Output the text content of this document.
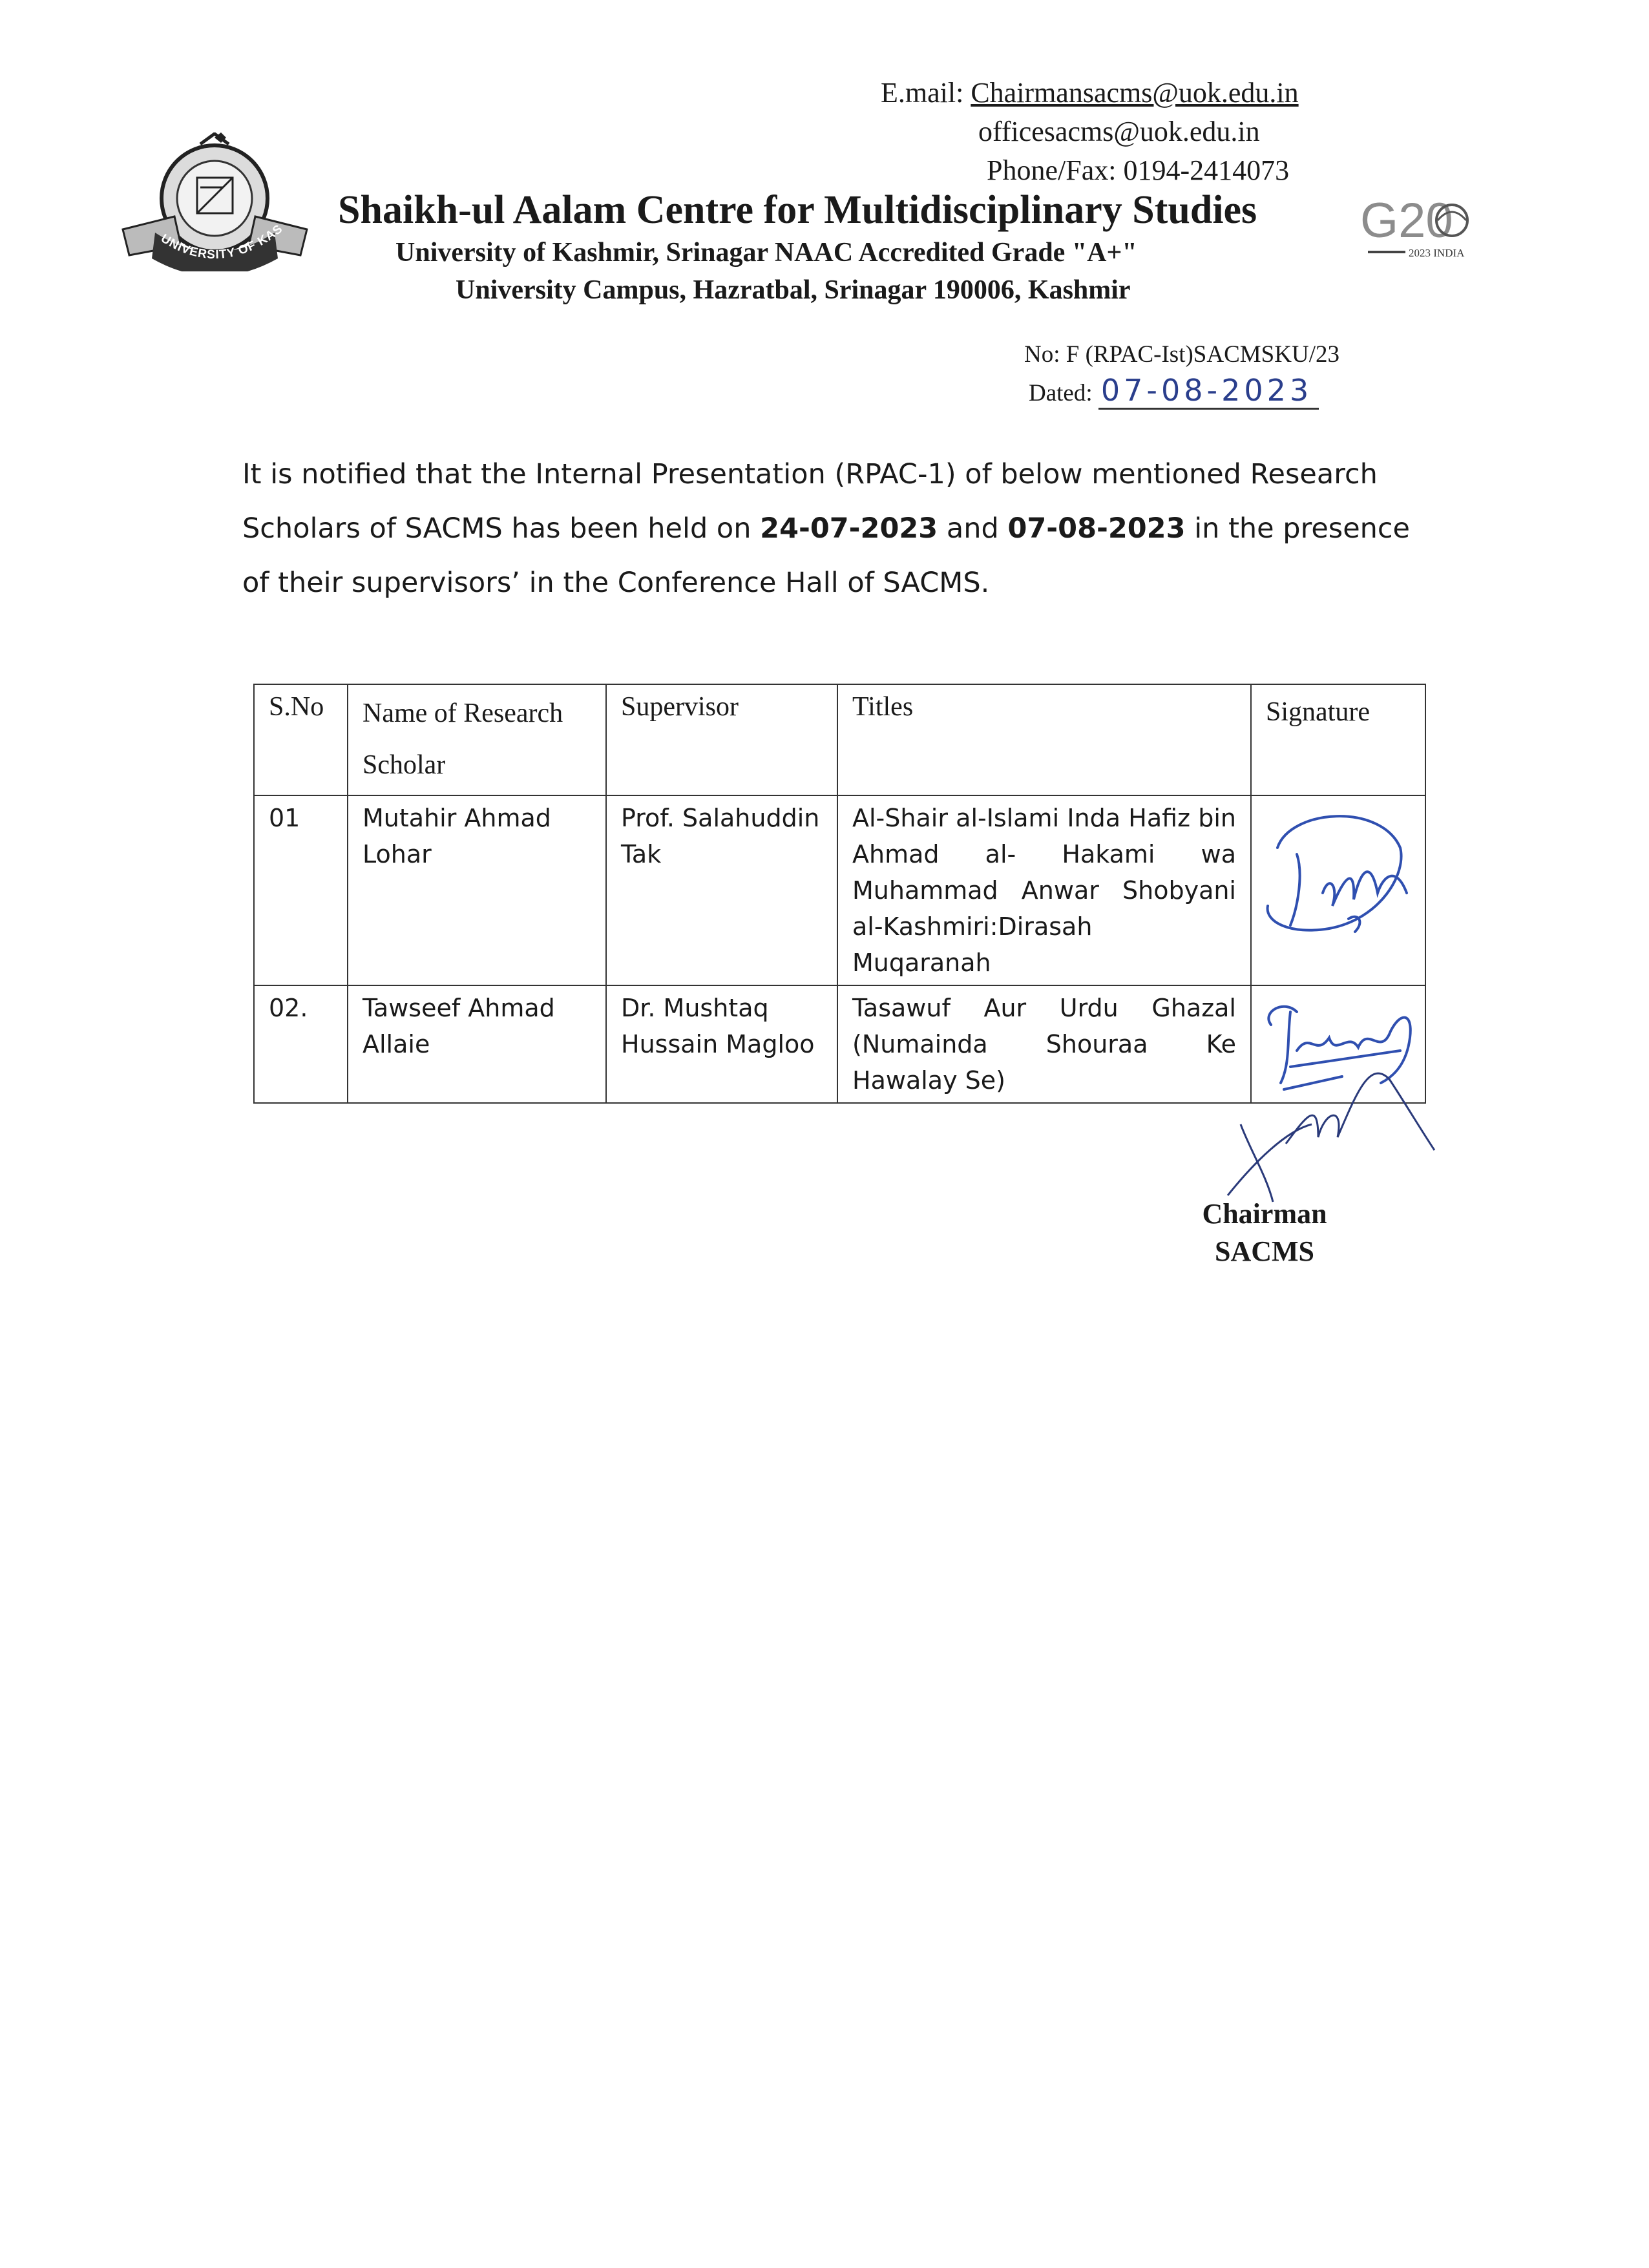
E.mail: Chairmansacms@uok.edu.in
officesacms@uok.edu.in
Phone/Fax: 0194-2414073
UNIVERSITY OF KAS Shaikh-ul Aalam Centre for Multidisciplinary Studies
University of Kashmir, Srinagar NAAC Accredited Grade "A+"
University Campus, Hazratbal, Srinagar 190006, Kashmir
G20
2023 INDIA
No: F (RPAC-Ist)SACMSKU/23
Dated: 07-08-2023
It is notified that the Internal Presentation (RPAC-1) of below mentioned Research Scholars of SACMS has been held on 24-07-2023 and 07-08-2023 in the presence of their supervisors’ in the Conference Hall of SACMS.
S.No	Name of Research Scholar	Supervisor	Titles	Signature
01	Mutahir Ahmad Lohar	Prof. Salahuddin Tak	Al-Shair al-Islami Inda Hafiz bin Ahmad al- Hakami wa Muhammad Anwar Shobyani al-Kashmiri:Dirasah Muqaranah	
02.	Tawseef Ahmad Allaie	Dr. Mushtaq Hussain Magloo	Tasawuf Aur Urdu Ghazal (Numainda Shouraa Ke Hawalay Se)	
Chairman
SACMS
